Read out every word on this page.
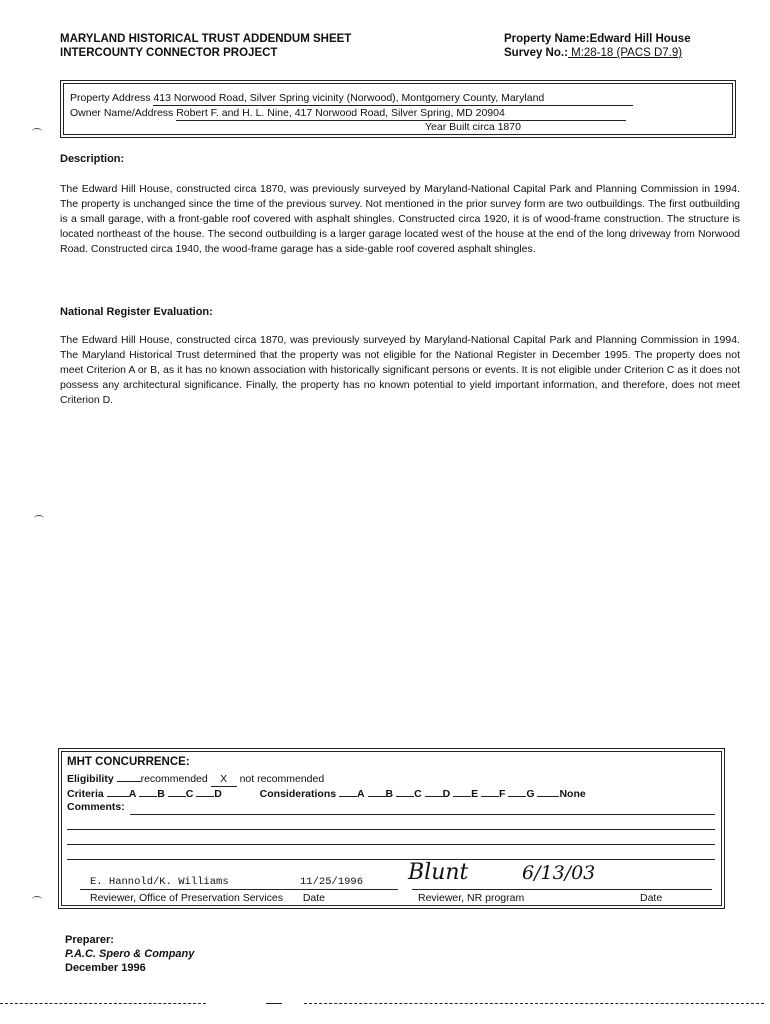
MARYLAND HISTORICAL TRUST ADDENDUM SHEET
INTERCOUNTY CONNECTOR PROJECT
Property Name:Edward Hill House
Survey No.: M:28-18 (PACS D7.9)
Property Address 413 Norwood Road, Silver Spring vicinity (Norwood), Montgomery County, Maryland
Owner Name/Address Robert F. and H. L. Nine, 417 Norwood Road, Silver Spring, MD 20904
Year Built circa 1870
Description:
The Edward Hill House, constructed circa 1870, was previously surveyed by Maryland-National Capital Park and Planning Commission in 1994. The property is unchanged since the time of the previous survey. Not mentioned in the prior survey form are two outbuildings. The first outbuilding is a small garage, with a front-gable roof covered with asphalt shingles. Constructed circa 1920, it is of wood-frame construction. The structure is located northeast of the house. The second outbuilding is a larger garage located west of the house at the end of the long driveway from Norwood Road. Constructed circa 1940, the wood-frame garage has a side-gable roof covered asphalt shingles.
National Register Evaluation:
The Edward Hill House, constructed circa 1870, was previously surveyed by Maryland-National Capital Park and Planning Commission in 1994. The Maryland Historical Trust determined that the property was not eligible for the National Register in December 1995. The property does not meet Criterion A or B, as it has no known association with historically significant persons or events. It is not eligible under Criterion C as it does not possess any architectural significance. Finally, the property has no known potential to yield important information, and therefore, does not meet Criterion D.
MHT CONCURRENCE:
Eligibility	recommended X not recommended
Criteria A B C D	Considerations A B C D E F G None
Comments:
E. Hannold/K. Williams	11/25/1996 Blunt	6/13/03
Reviewer, Office of Preservation Services Date	Reviewer, NR program	Date
Preparer:
P.A.C. Spero & Company
December 1996
